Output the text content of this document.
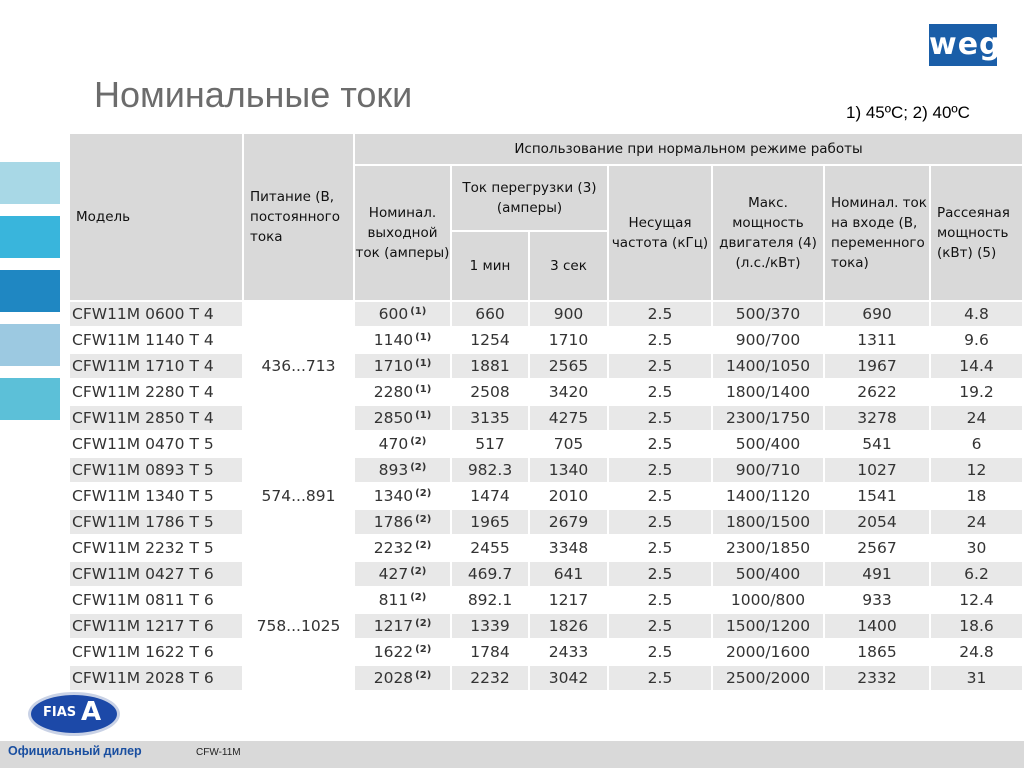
weg
Номинальные токи	1) 45ºC; 2) 40ºC
Модель	Питание (В, постоянного тока	Использование при нормальном режиме работы						
		Номинал. выходной ток (амперы)	Ток перегрузки (3) (амперы)		Несущая частота (кГц)	Макс. мощность двигателя (4) (л.с./кВт)	Номинал. ток на входе (В, переменного тока)	Рассеяная мощность (кВт) (5)
			1 мин	3 сек				
CFW11M 0600 T 4	436...713	600 $^{(1)}$	660	900	2.5	500/370	690	4.8
CFW11M 1140 T 4		1140 $^{(1)}$	1254	1710	2.5	900/700	1311	9.6
CFW11M 1710 T 4		1710 $^{(1)}$	1881	2565	2.5	1400/1050	1967	14.4
CFW11M 2280 T 4		2280 $^{(1)}$	2508	3420	2.5	1800/1400	2622	19.2
CFW11M 2850 T 4		2850 $^{(1)}$	3135	4275	2.5	2300/1750	3278	24
CFW11M 0470 T 5	574...891	470 $^{(2)}$	517	705	2.5	500/400	541	6
CFW11M 0893 T 5		893 $^{(2)}$	982.3	1340	2.5	900/710	1027	12
CFW11M 1340 T 5		1340 $^{(2)}$	1474	2010	2.5	1400/1120	1541	18
CFW11M 1786 T 5		1786 $^{(2)}$	1965	2679	2.5	1800/1500	2054	24
CFW11M 2232 T 5		2232 $^{(2)}$	2455	3348	2.5	2300/1850	2567	30
CFW11M 0427 T 6	758...1025	427 $^{(2)}$	469.7	641	2.5	500/400	491	6.2
CFW11M 0811 T 6		811 $^{(2)}$	892.1	1217	2.5	1000/800	933	12.4
CFW11M 1217 T 6		1217 $^{(2)}$	1339	1826	2.5	1500/1200	1400	18.6
CFW11M 1622 T 6		1622 $^{(2)}$	1784	2433	2.5	2000/1600	1865	24.8
CFW11M 2028 T 6		2028 $^{(2)}$	2232	3042	2.5	2500/2000	2332	31
FIAS A
Официальный дилер	CFW-11M
